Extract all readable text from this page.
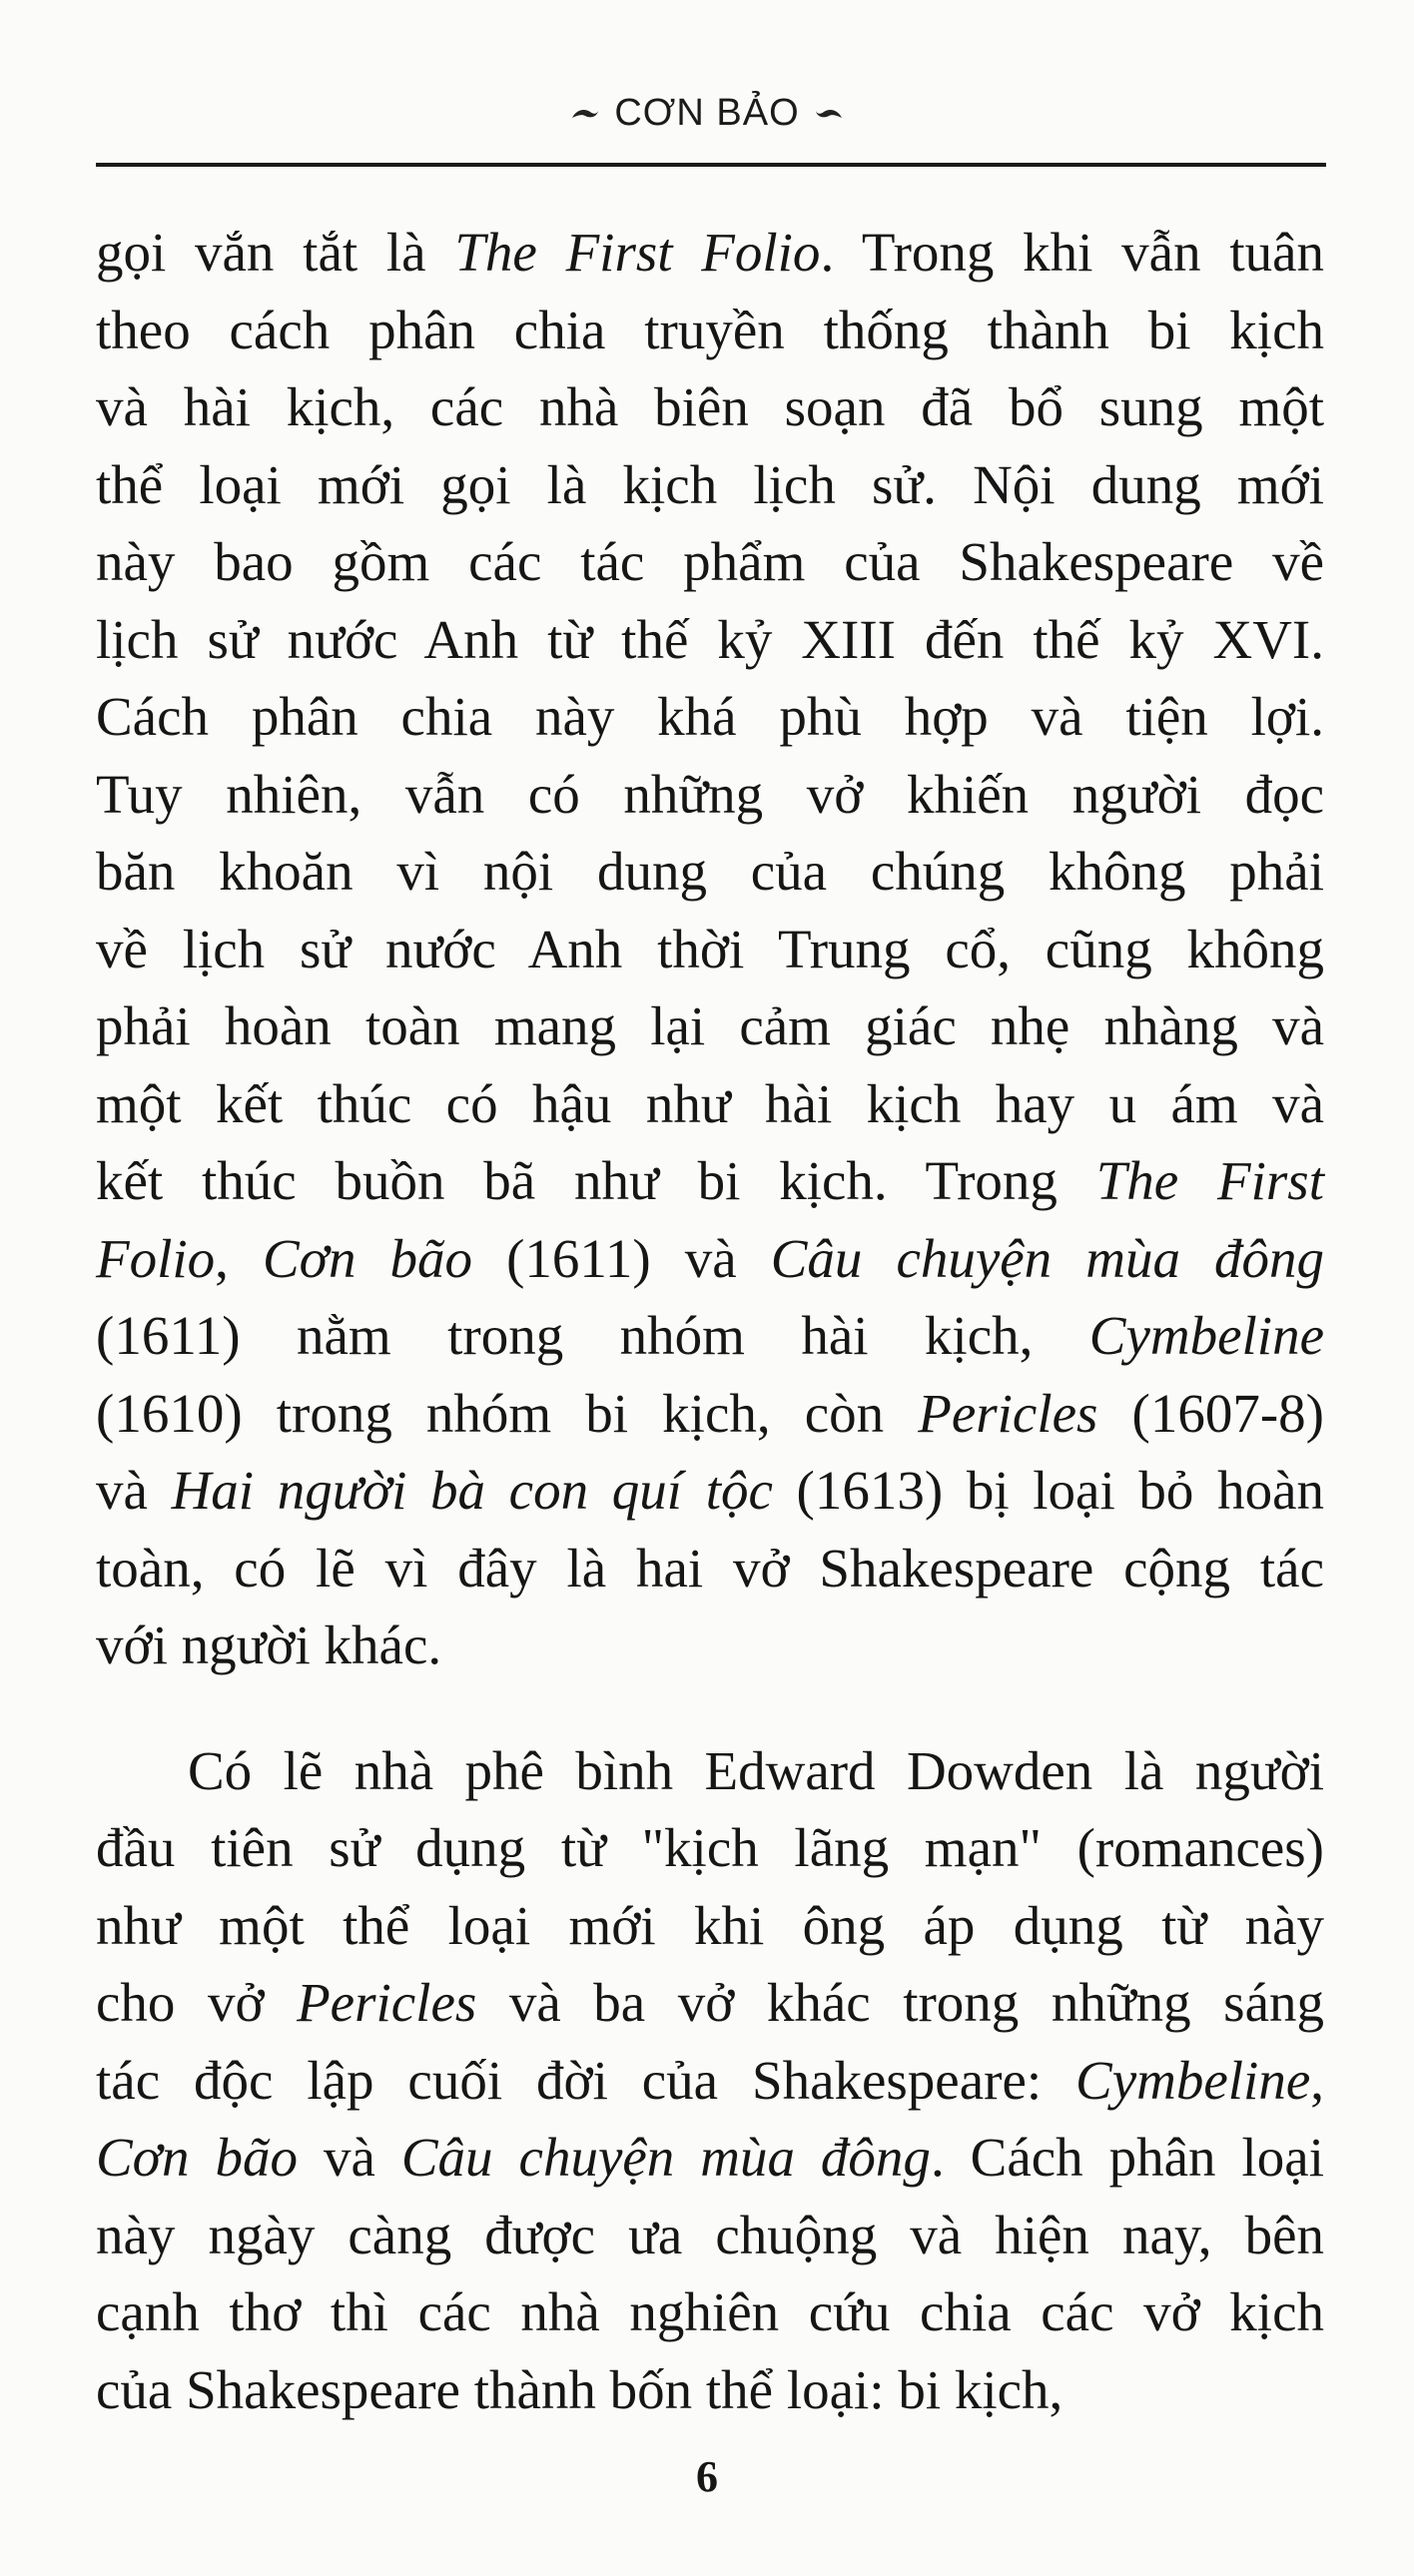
CƠN BẢO
gọi vắn tắt là The First Folio. Trong khi vẫn tuân
theo cách phân chia truyền thống thành bi kịch
và hài kịch, các nhà biên soạn đã bổ sung một
thể loại mới gọi là kịch lịch sử. Nội dung mới
này bao gồm các tác phẩm của Shakespeare về
lịch sử nước Anh từ thế kỷ XIII đến thế kỷ XVI.
Cách phân chia này khá phù hợp và tiện lợi.
Tuy nhiên, vẫn có những vở khiến người đọc
băn khoăn vì nội dung của chúng không phải
về lịch sử nước Anh thời Trung cổ, cũng không
phải hoàn toàn mang lại cảm giác nhẹ nhàng và
một kết thúc có hậu như hài kịch hay u ám và
kết thúc buồn bã như bi kịch. Trong The First
Folio, Cơn bão (1611) và Câu chuyện mùa đông
(1611) nằm trong nhóm hài kịch, Cymbeline
(1610) trong nhóm bi kịch, còn Pericles (1607-8)
và Hai người bà con quí tộc (1613) bị loại bỏ hoàn
toàn, có lẽ vì đây là hai vở Shakespeare cộng tác
với người khác.
Có lẽ nhà phê bình Edward Dowden là người
đầu tiên sử dụng từ "kịch lãng mạn" (romances)
như một thể loại mới khi ông áp dụng từ này
cho vở Pericles và ba vở khác trong những sáng
tác độc lập cuối đời của Shakespeare: Cymbeline,
Cơn bão và Câu chuyện mùa đông. Cách phân loại
này ngày càng được ưa chuộng và hiện nay, bên
cạnh thơ thì các nhà nghiên cứu chia các vở kịch
của Shakespeare thành bốn thể loại: bi kịch,
6
